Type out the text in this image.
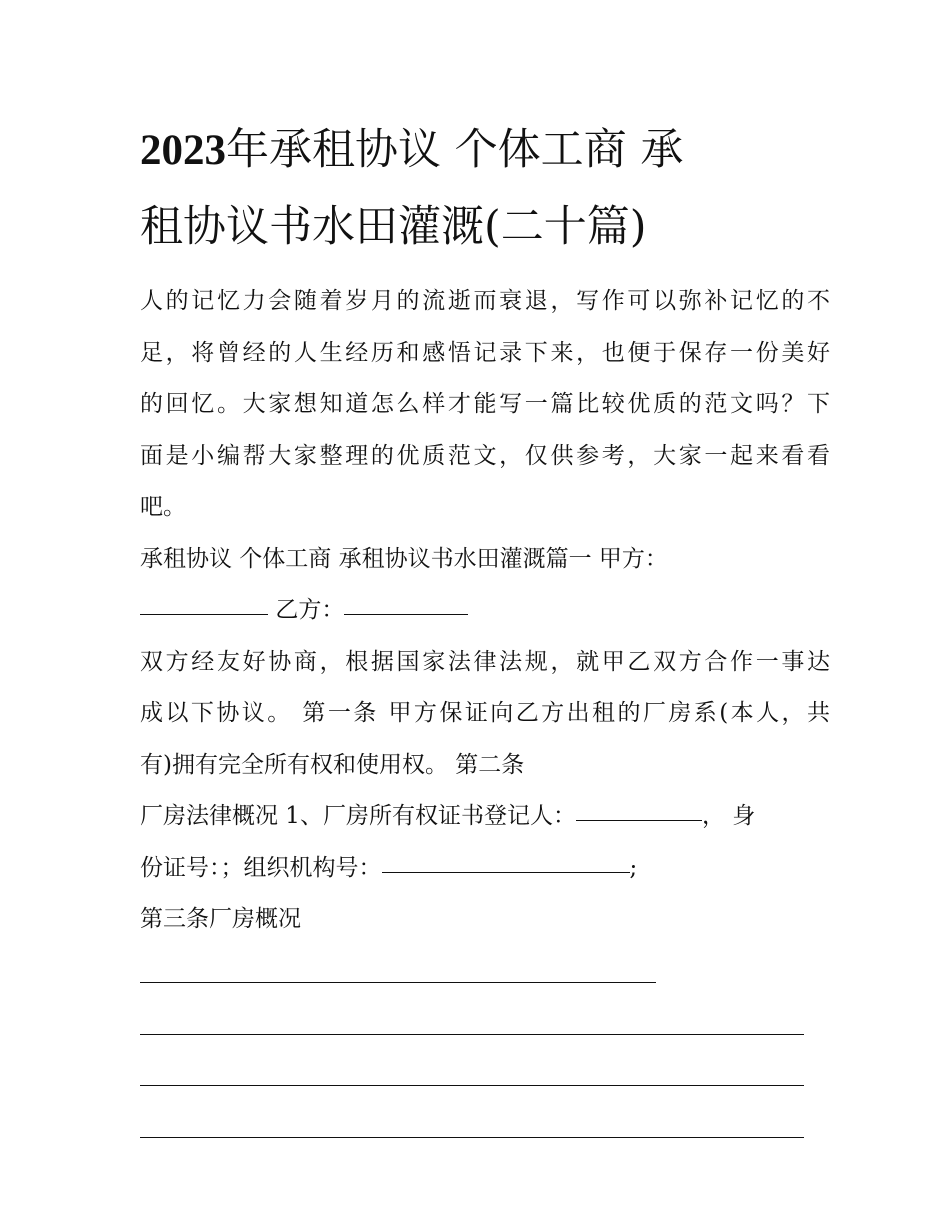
2023年承租协议 个体工商 承
租协议书水田灌溉(二十篇)
人的记忆力会随着岁月的流逝而衰退，写作可以弥补记忆的不
足，将曾经的人生经历和感悟记录下来，也便于保存一份美好
的回忆。大家想知道怎么样才能写一篇比较优质的范文吗？下
面是小编帮大家整理的优质范文，仅供参考，大家一起来看看
吧。
承租协议 个体工商 承租协议书水田灌溉篇一 甲方：
乙方：
双方经友好协商，根据国家法律法规，就甲乙双方合作一事达
成以下协议。 第一条 甲方保证向乙方出租的厂房系(本人，共
有)拥有完全所有权和使用权。 第二条
厂房法律概况 1、厂房所有权证书登记人：	， 身
份证号：；组织机构号：	;
第三条厂房概况
